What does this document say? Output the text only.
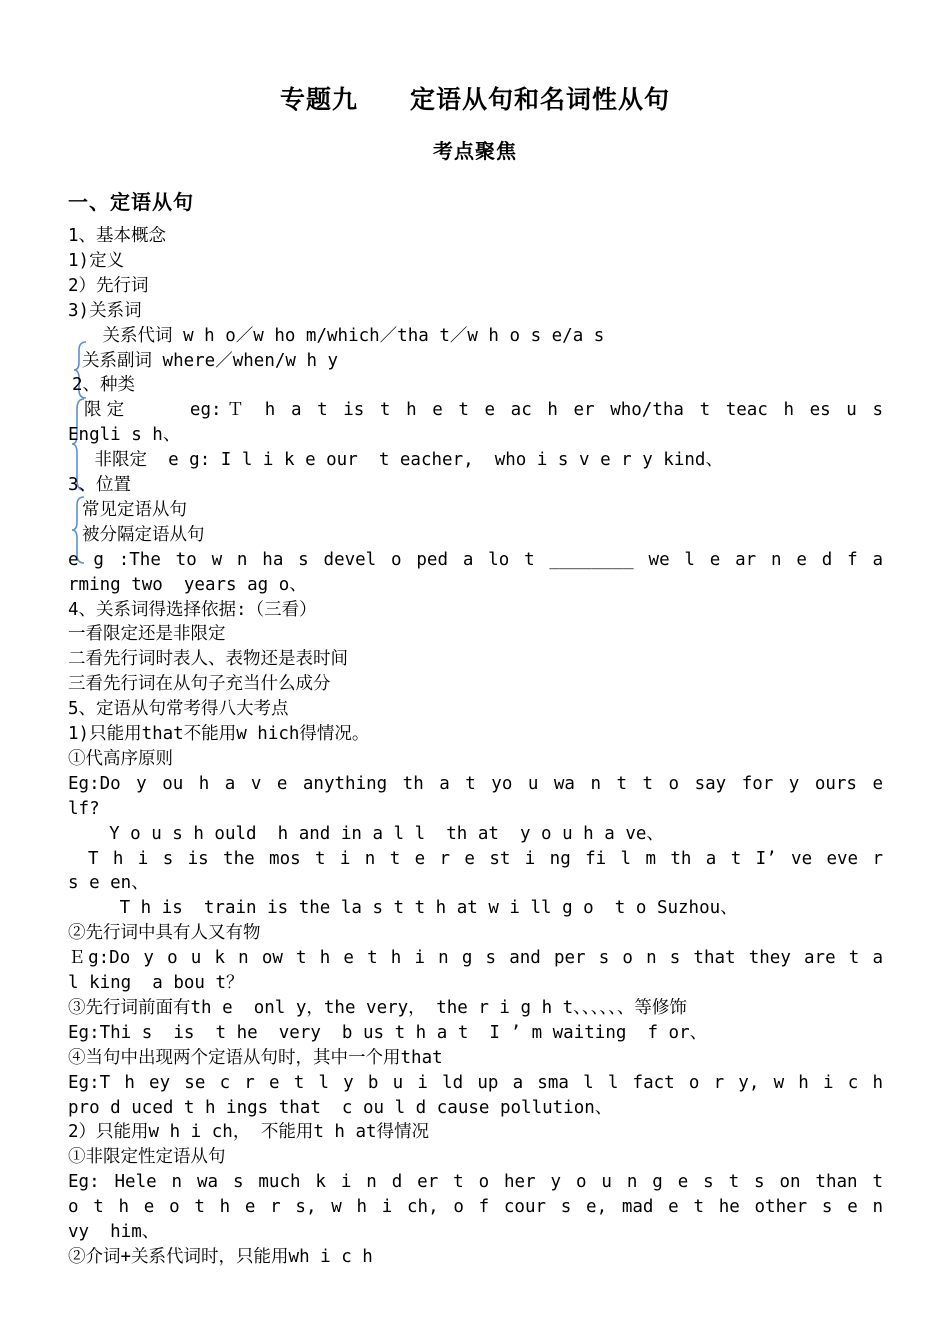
专题九　　定语从句和名词性从句
考点聚焦
一、定语从句
1、基本概念
1)定义
2）先行词
3)关系词
关系代词 w h o／w ho m/which／tha t／w h o s e/a s
关系副词 where／when/w h y
2、种类
限定　　 eg:Ｔ h a t is t h e t e ac h er who/tha t teac h es u s
Engli s h、
非限定  e g: I l i k e our  t eacher,  who i s v e r y kind、
3、位置
常见定语从句
被分隔定语从句
e g :The to w n ha s devel o ped a lo t ________ we l e ar n e d f a
rming two  years ag o、
4、关系词得选择依据:（三看）
一看限定还是非限定
二看先行词时表人、表物还是表时间
三看先行词在从句子充当什么成分
5、定语从句常考得八大考点
1)只能用that不能用w hich得情况。
①代高序原则
Eg:Do y ou h a v e anything th a t yo u wa n t t o say for y ours e
lf?
Y o u s h ould  h and in a l l  th at  y o u h a ve、
T h i s is the mos t i n t e r e st i ng fi l m th a t I’ ve eve r
s e en、
T h is  train is the la s t t h at w i ll g o  t o Suzhou、
②先行词中具有人又有物
Ｅg:Do y o u k n ow t h e t h i n g s and per s o n s that they are t a
l king  a bou t？
③先行词前面有th e  onl y，the very， the r i g h t、、、、、、等修饰
Eg:Thi s  is  t he  very  b us t h a t  I ’ m waiting  f or、
④当句中出现两个定语从句时，其中一个用that
Eg:T h ey se c r e t l y b u i ld up a sma l l fact o r y, w h i c h
pro d uced t h ings that  c ou l d cause pollution、
2）只能用w h i ch， 不能用t h at得情况
①非限定性定语从句
Eg: Hele n wa s much k i n d er t o her y o u n g e s t s on than t
o t h e o t h e r s, w h i ch, o f cour s e, mad e t he other s e n
vy  him、
②介词+关系代词时，只能用wh i c h
